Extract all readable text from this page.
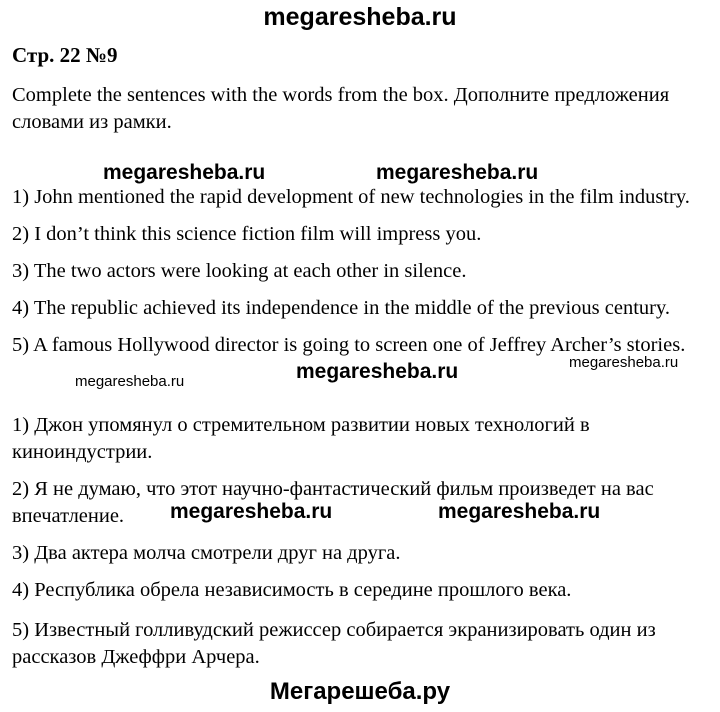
megaresheba.ru
Стр. 22 №9
Complete the sentences with the words from the box. Дополните предложения словами из рамки.
megaresheba.ru	megaresheba.ru
1) John mentioned the rapid development of new technologies in the film industry.
2) I don’t think this science fiction film will impress you.
3) The two actors were looking at each other in silence.
4) The republic achieved its independence in the middle of the previous century.
5) A famous Hollywood director is going to screen one of Jeffrey Archer’s stories.
megaresheba.ru	megaresheba.ru	megaresheba.ru
1) Джон упомянул о стремительном развитии новых технологий в киноиндустрии.
2) Я не думаю, что этот научно-фантастический фильм произведет на вас впечатление.
3) Два актера молча смотрели друг на друга.
4) Республика обрела независимость в середине прошлого века.
5) Известный голливудский режиссер собирается экранизировать один из рассказов Джеффри Арчера.
megaresheba.ru	megaresheba.ru
Мегарешеба.ру
